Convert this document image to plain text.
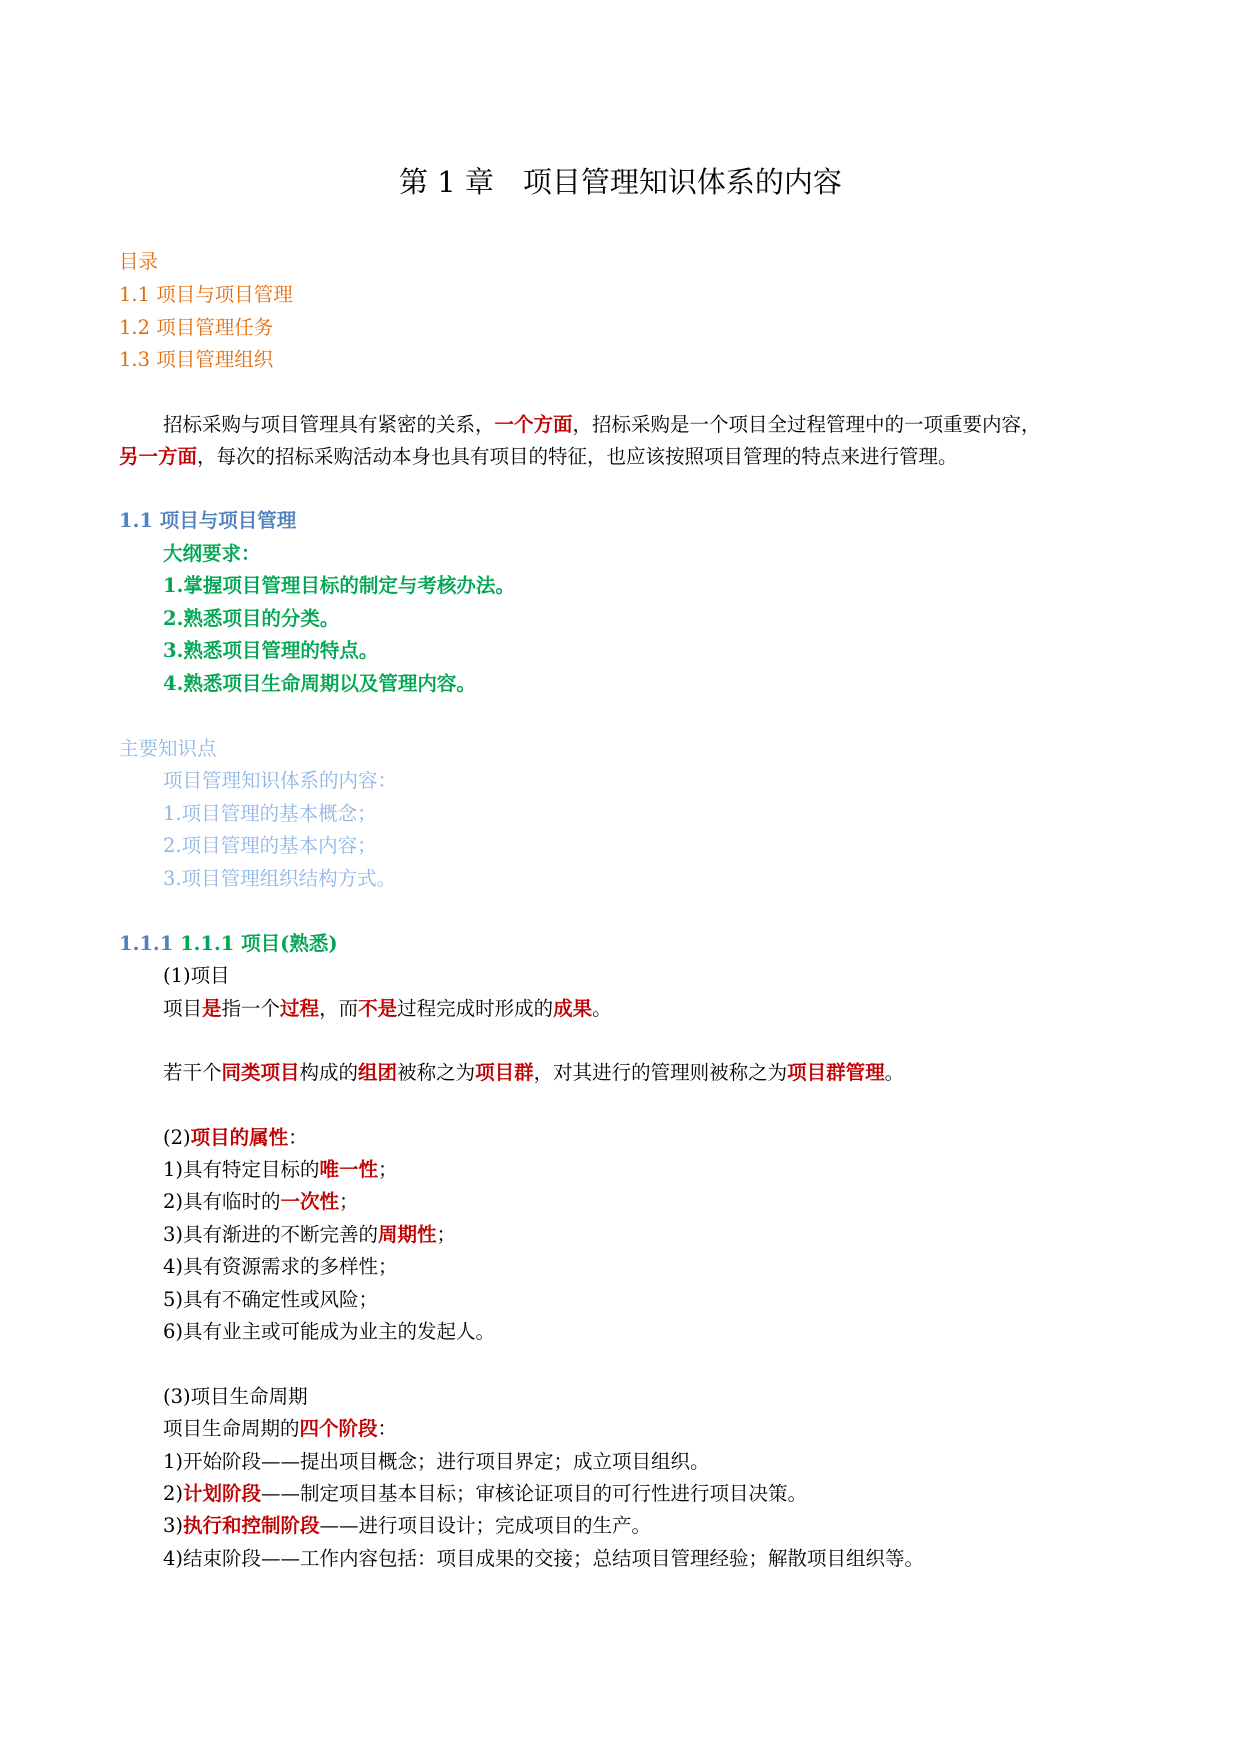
第 1 章　项目管理知识体系的内容
目录
1.1 项目与项目管理
1.2 项目管理任务
1.3 项目管理组织
招标采购与项目管理具有紧密的关系，一个方面，招标采购是一个项目全过程管理中的一项重要内容，
另一方面，每次的招标采购活动本身也具有项目的特征，也应该按照项目管理的特点来进行管理。
1.1 项目与项目管理
大纲要求：
1.掌握项目管理目标的制定与考核办法。
2.熟悉项目的分类。
3.熟悉项目管理的特点。
4.熟悉项目生命周期以及管理内容。
主要知识点
项目管理知识体系的内容：
1.项目管理的基本概念；
2.项目管理的基本内容；
3.项目管理组织结构方式。
1.1.1 1.1.1 项目(熟悉)
(1)项目
项目是指一个过程，而不是过程完成时形成的成果。
若干个同类项目构成的组团被称之为项目群，对其进行的管理则被称之为项目群管理。
(2)项目的属性：
1)具有特定目标的唯一性；
2)具有临时的一次性；
3)具有渐进的不断完善的周期性；
4)具有资源需求的多样性；
5)具有不确定性或风险；
6)具有业主或可能成为业主的发起人。
(3)项目生命周期
项目生命周期的四个阶段：
1)开始阶段——提出项目概念；进行项目界定；成立项目组织。
2)计划阶段——制定项目基本目标；审核论证项目的可行性进行项目决策。
3)执行和控制阶段——进行项目设计；完成项目的生产。
4)结束阶段——工作内容包括：项目成果的交接；总结项目管理经验；解散项目组织等。
